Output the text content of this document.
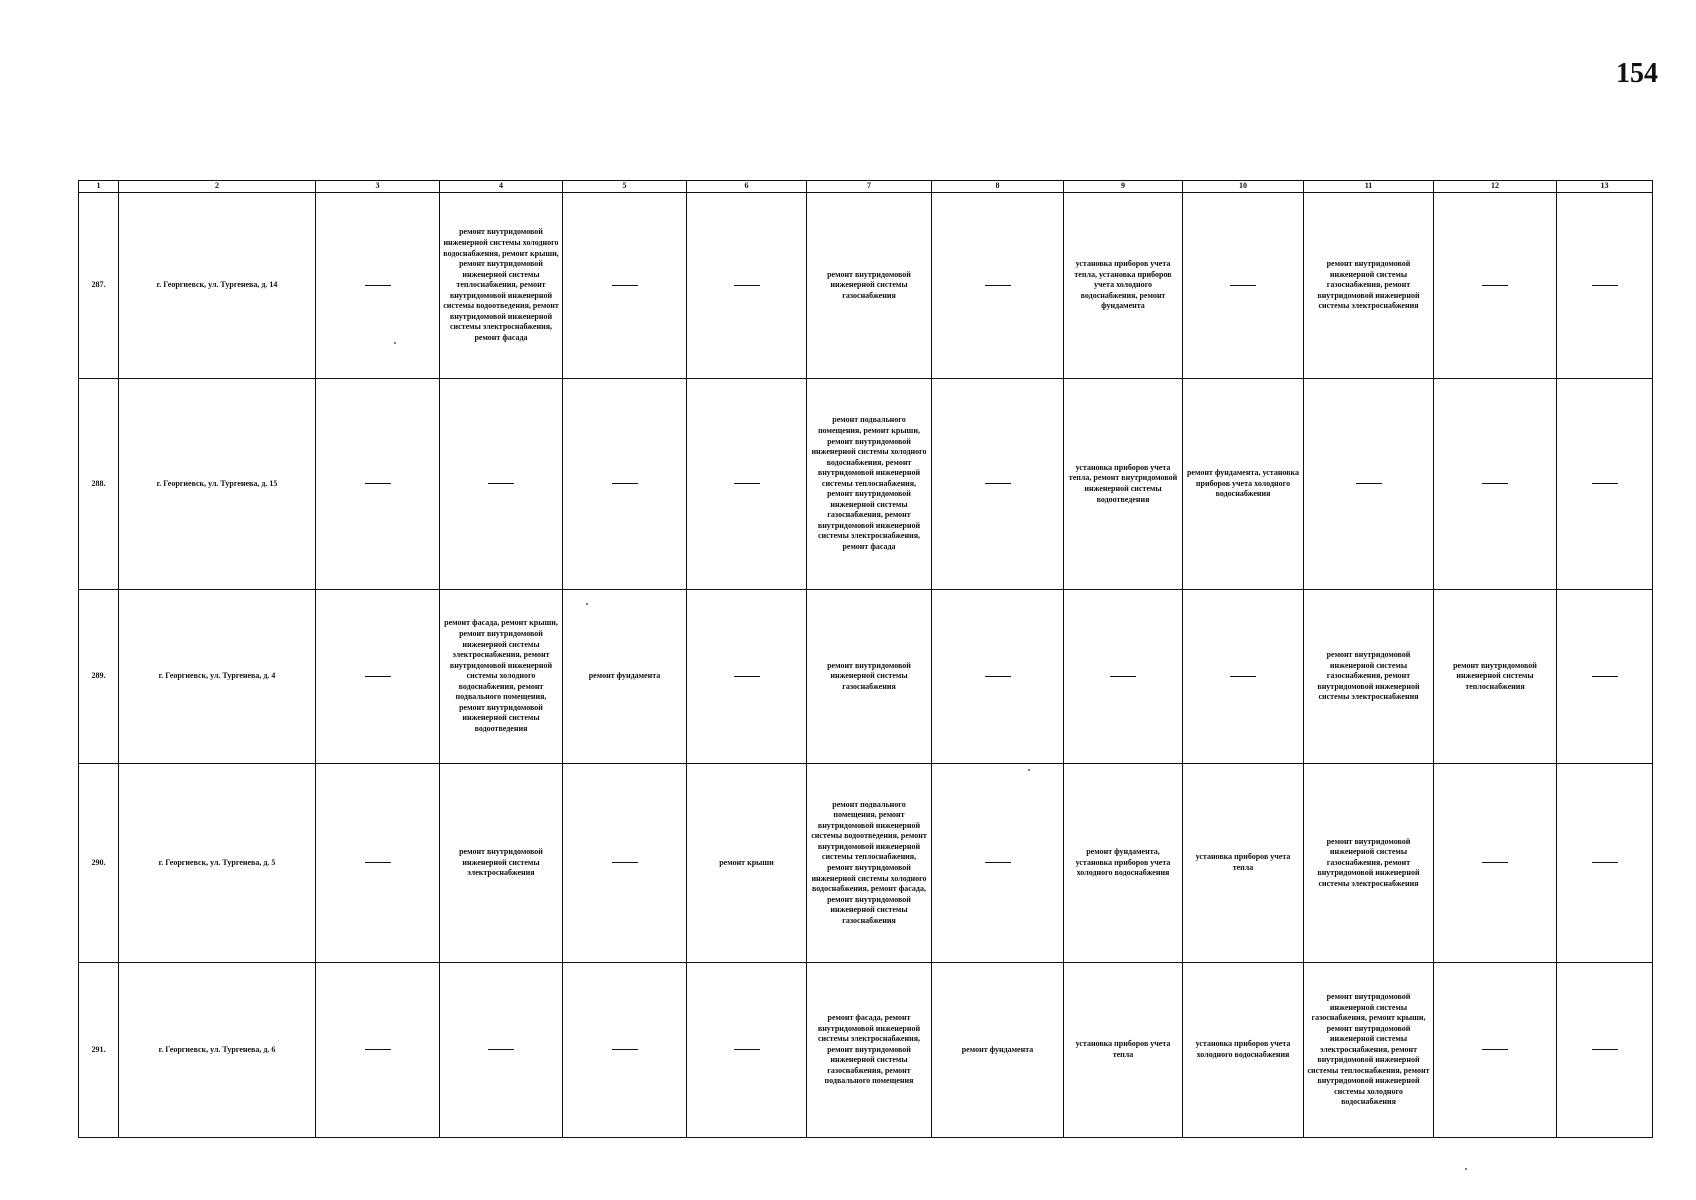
154
1	2	3	4	5	6	7	8	9	10	11	12	13
287.	г. Георгиевск, ул. Тургенева, д. 14		ремонт внутридомовой инженерной системы холодного водоснабжения, ремонт крыши, ремонт внутридомовой инженерной системы теплоснабжения, ремонт внутридомовой инженерной системы водоотведения, ремонт внутридомовой инженерной системы электроснабжения, ремонт фасада			ремонт внутридомовой инженерной системы газоснабжения		установка приборов учета тепла, установка приборов учета холодного водоснабжения, ремонт фундамента		ремонт внутридомовой инженерной системы газоснабжения, ремонт внутридомовой инженерной системы электроснабжения		
288.	г. Георгиевск, ул. Тургенева, д. 15					ремонт подвального помещения, ремонт крыши, ремонт внутридомовой инженерной системы холодного водоснабжения, ремонт внутридомовой инженерной системы теплоснабжения, ремонт внутридомовой инженерной системы газоснабжения, ремонт внутридомовой инженерной системы электроснабжения, ремонт фасада		установка приборов учета тепла, ремонт внутридомовой инженерной системы водоотведения	ремонт фундамента, установка приборов учета холодного водоснабжения			
289.	г. Георгиевск, ул. Тургенева, д. 4		ремонт фасада, ремонт крыши, ремонт внутридомовой инженерной системы электроснабжения, ремонт внутридомовой инженерной системы холодного водоснабжения, ремонт подвального помещения, ремонт внутридомовой инженерной системы водоотведения	ремонт фундамента		ремонт внутридомовой инженерной системы газоснабжения				ремонт внутридомовой инженерной системы газоснабжения, ремонт внутридомовой инженерной системы электроснабжения	ремонт внутридомовой инженерной системы теплоснабжения	
290.	г. Георгиевск, ул. Тургенева, д. 5		ремонт внутридомовой инженерной системы электроснабжения		ремонт крыши	ремонт подвального помещения, ремонт внутридомовой инженерной системы водоотведения, ремонт внутридомовой инженерной системы теплоснабжения, ремонт внутридомовой инженерной системы холодного водоснабжения, ремонт фасада, ремонт внутридомовой инженерной системы газоснабжения		ремонт фундамента, установка приборов учета холодного водоснабжения	установка приборов учета тепла	ремонт внутридомовой инженерной системы газоснабжения, ремонт внутридомовой инженерной системы электроснабжения		
291.	г. Георгиевск, ул. Тургенева, д. 6					ремонт фасада, ремонт внутридомовой инженерной системы электроснабжения, ремонт внутридомовой инженерной системы газоснабжения, ремонт подвального помещения	ремонт фундамента	установка приборов учета тепла	установка приборов учета холодного водоснабжения	ремонт внутридомовой инженерной системы газоснабжения, ремонт крыши, ремонт внутридомовой инженерной системы электроснабжения, ремонт внутридомовой инженерной системы теплоснабжения, ремонт внутридомовой инженерной системы холодного водоснабжения		
